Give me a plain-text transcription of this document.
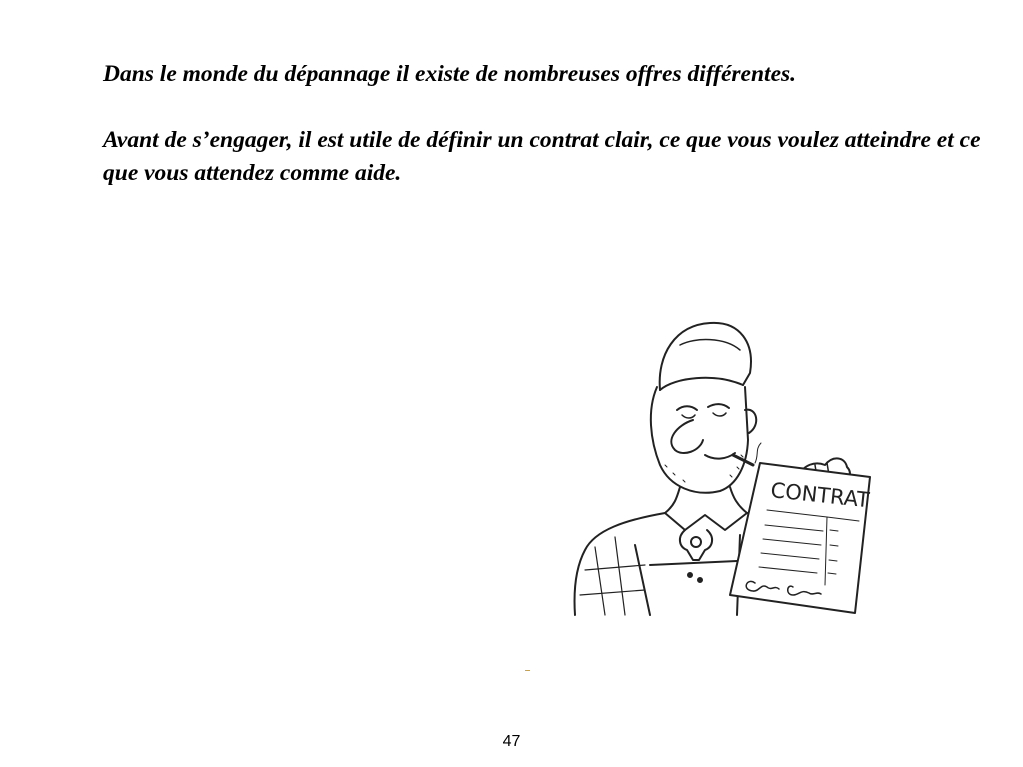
Dans le monde du dépannage il existe de nombreuses offres différentes.

Avant de s’engager, il est utile de définir un contrat clair, ce que vous voulez atteindre et ce que vous attendez comme aide.

CONTRAT
47
